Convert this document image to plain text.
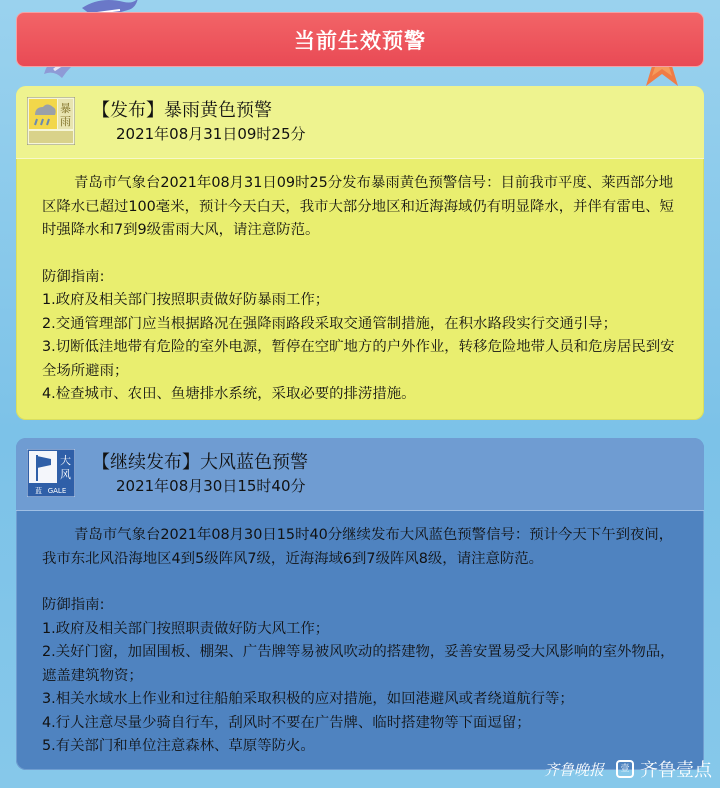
当前生效预警
暴
雨
【发布】暴雨黄色预警
2021年08月31日09时25分

青岛市气象台2021年08月31日09时25分发布暴雨黄色预警信号：目前我市平度、莱西部分地区降水已超过100毫米，预计今天白天，我市大部分地区和近海海域仍有明显降水，并伴有雷电、短时强降水和7到9级雷雨大风，请注意防范。

防御指南:

1.政府及相关部门按照职责做好防暴雨工作；

2.交通管理部门应当根据路况在强降雨路段采取交通管制措施，在积水路段实行交通引导；

3.切断低洼地带有危险的室外电源，暂停在空旷地方的户外作业，转移危险地带人员和危房居民到安全场所避雨；

4.检查城市、农田、鱼塘排水系统，采取必要的排涝措施。

大
风
蓝 GALE
【继续发布】大风蓝色预警
2021年08月30日15时40分

青岛市气象台2021年08月30日15时40分继续发布大风蓝色预警信号：预计今天下午到夜间，我市东北风沿海地区4到5级阵风7级，近海海域6到7级阵风8级，请注意防范。

防御指南:

1.政府及相关部门按照职责做好防大风工作；

2.关好门窗，加固围板、棚架、广告牌等易被风吹动的搭建物，妥善安置易受大风影响的室外物品，遮盖建筑物资；

3.相关水域水上作业和过往船舶采取积极的应对措施，如回港避风或者绕道航行等；

4.行人注意尽量少骑自行车，刮风时不要在广告牌、临时搭建物等下面逗留；

5.有关部门和单位注意森林、草原等防火。

齐鲁晚报	壹 齐鲁壹点
